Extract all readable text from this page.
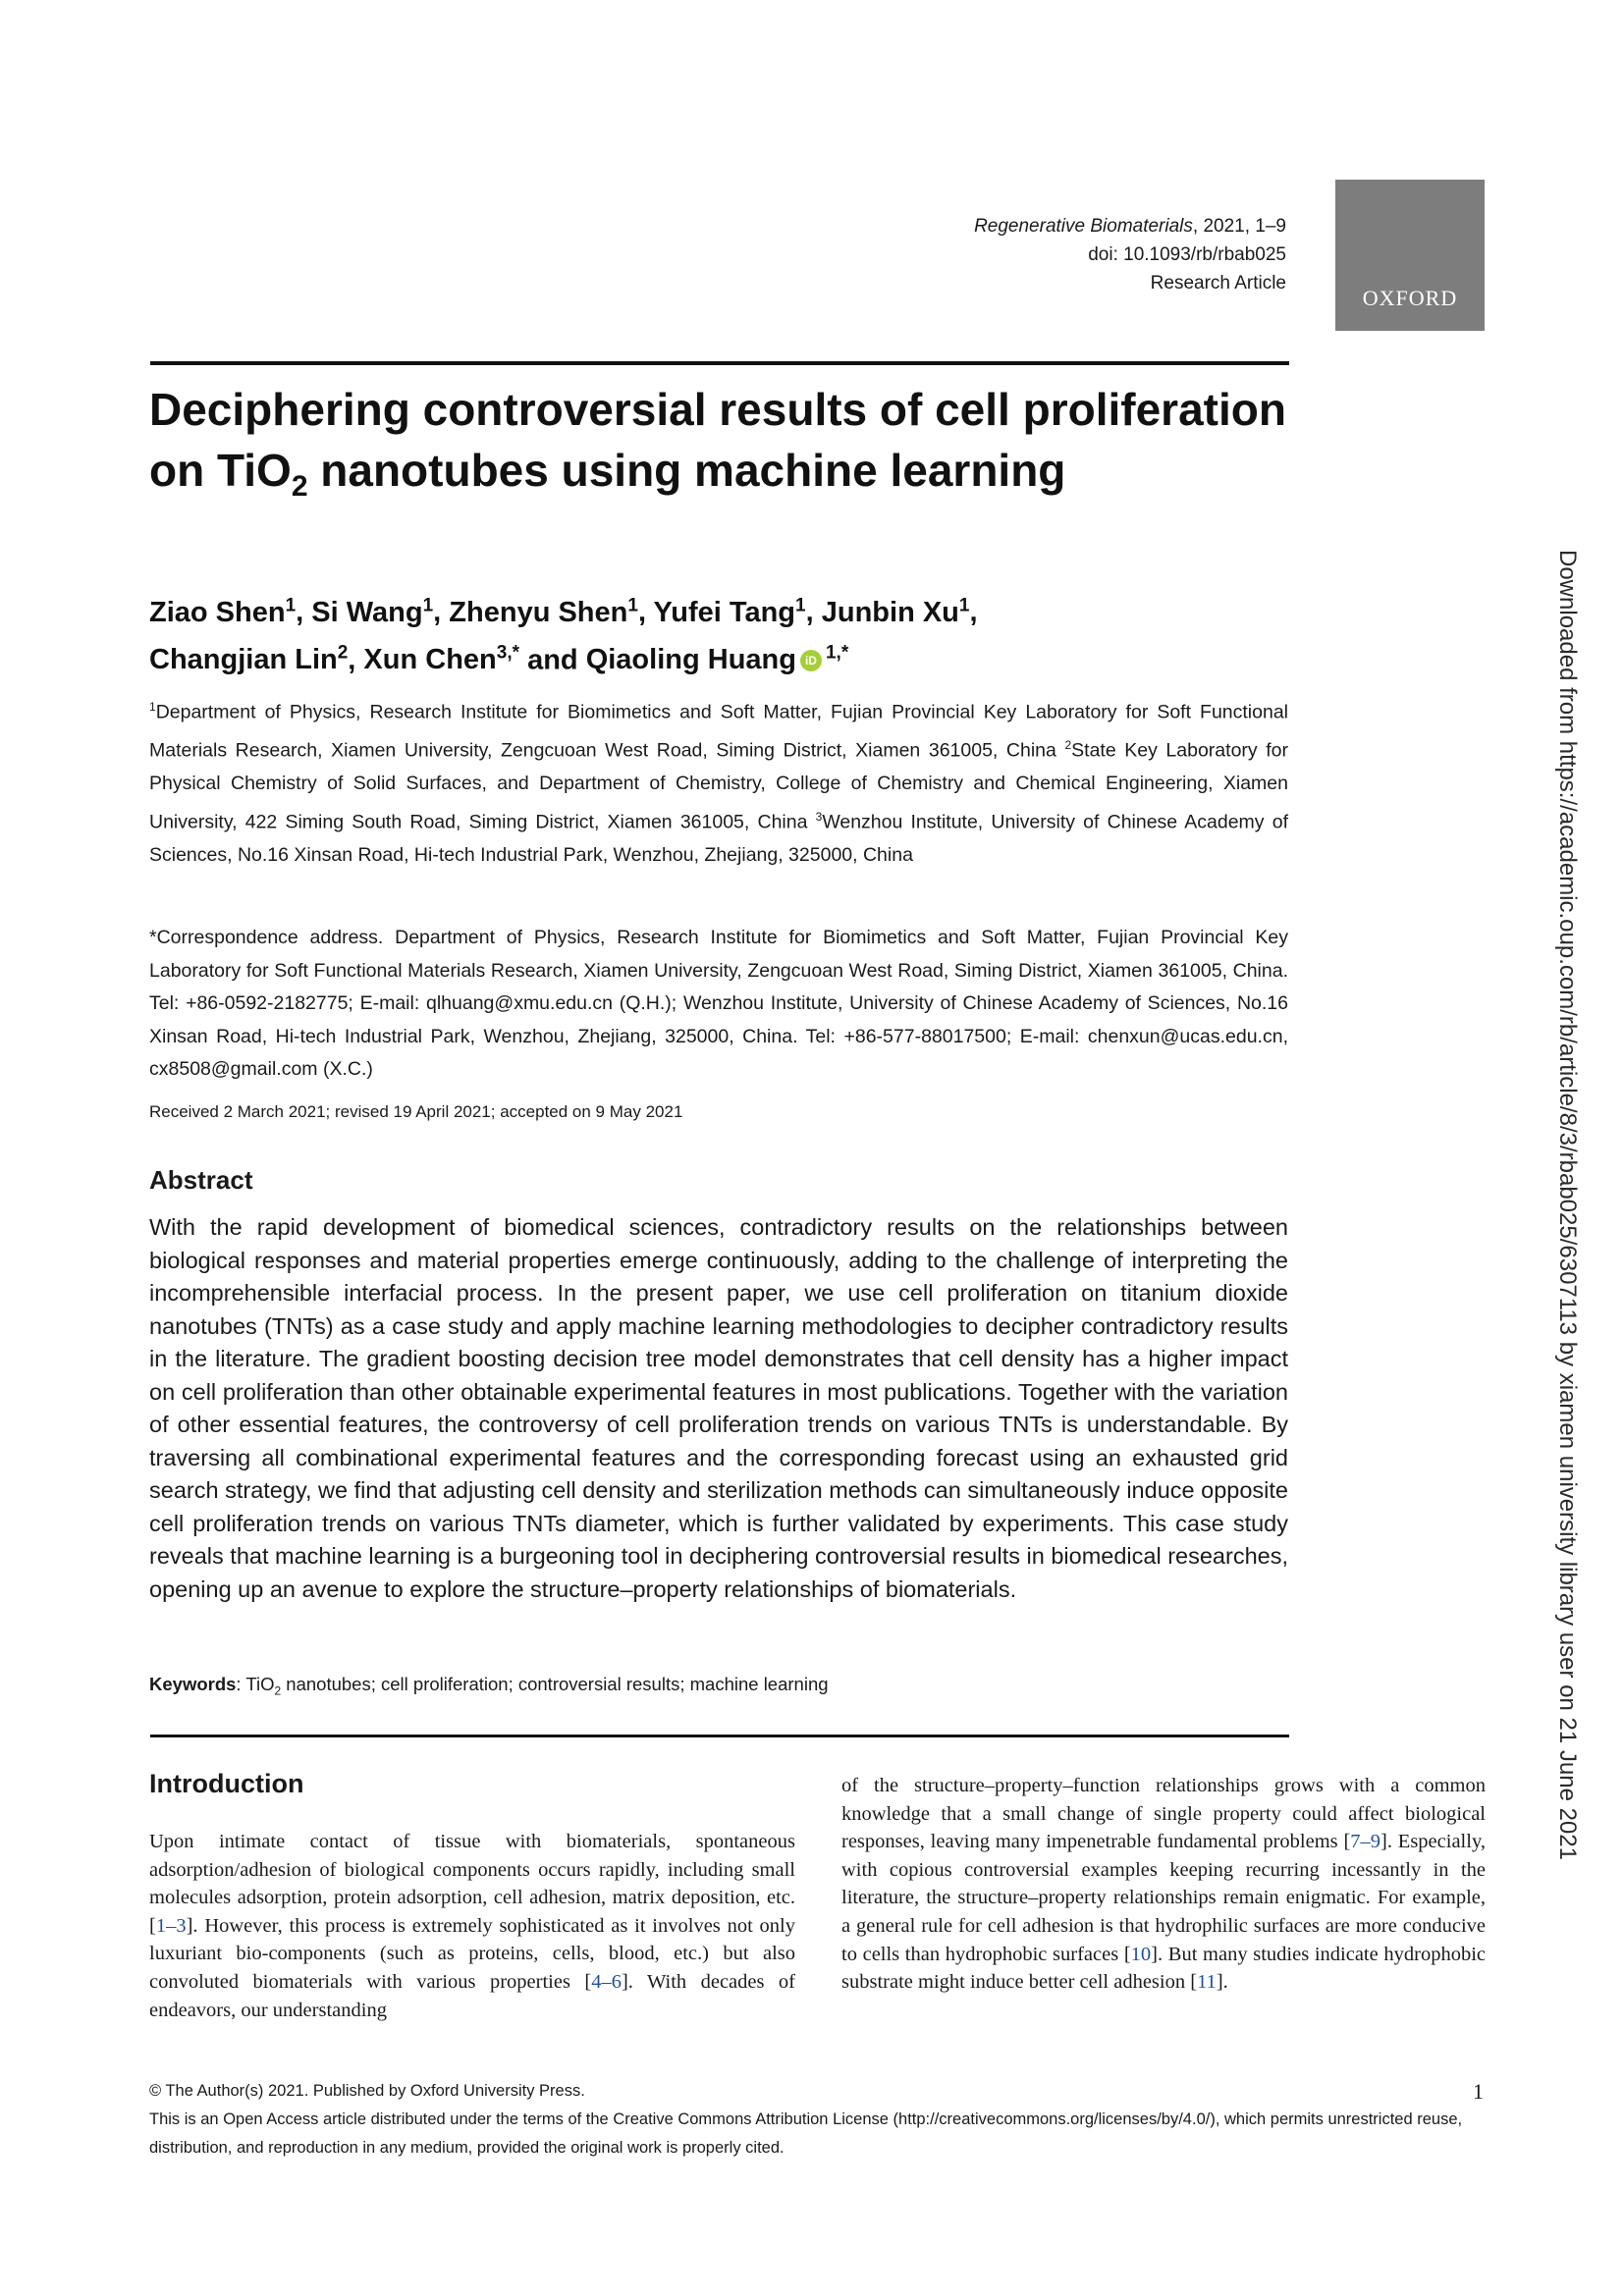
Regenerative Biomaterials, 2021, 1–9
doi: 10.1093/rb/rbab025
Research Article
OXFORD
Deciphering controversial results of cell proliferation on TiO$_2$ nanotubes using machine learning
Ziao Shen$^1$, Si Wang$^1$, Zhenyu Shen$^1$, Yufei Tang$^1$, Junbin Xu$^1$,
Changjian Lin$^2$, Xun Chen$^{3,*}$ and Qiaoling Huang iD $^{1,*}$
$^1$Department of Physics, Research Institute for Biomimetics and Soft Matter, Fujian Provincial Key Laboratory for Soft Functional Materials Research, Xiamen University, Zengcuoan West Road, Siming District, Xiamen 361005, China $^2$State Key Laboratory for Physical Chemistry of Solid Surfaces, and Department of Chemistry, College of Chemistry and Chemical Engineering, Xiamen University, 422 Siming South Road, Siming District, Xiamen 361005, China $^3$Wenzhou Institute, University of Chinese Academy of Sciences, No.16 Xinsan Road, Hi-tech Industrial Park, Wenzhou, Zhejiang, 325000, China
*Correspondence address. Department of Physics, Research Institute for Biomimetics and Soft Matter, Fujian Provincial Key Laboratory for Soft Functional Materials Research, Xiamen University, Zengcuoan West Road, Siming District, Xiamen 361005, China. Tel: +86-0592-2182775; E-mail: qlhuang@xmu.edu.cn (Q.H.); Wenzhou Institute, University of Chinese Academy of Sciences, No.16 Xinsan Road, Hi-tech Industrial Park, Wenzhou, Zhejiang, 325000, China. Tel: +86-577-88017500; E-mail: chenxun@ucas.edu.cn, cx8508@gmail.com (X.C.)
Received 2 March 2021; revised 19 April 2021; accepted on 9 May 2021
Abstract
With the rapid development of biomedical sciences, contradictory results on the relationships between biological responses and material properties emerge continuously, adding to the challenge of interpreting the incomprehensible interfacial process. In the present paper, we use cell proliferation on titanium dioxide nanotubes (TNTs) as a case study and apply machine learning methodologies to decipher contradictory results in the literature. The gradient boosting decision tree model demonstrates that cell density has a higher impact on cell proliferation than other obtainable experimental features in most publications. Together with the variation of other essential features, the controversy of cell proliferation trends on various TNTs is understandable. By traversing all combinational experimental features and the corresponding forecast using an exhausted grid search strategy, we find that adjusting cell density and sterilization methods can simultaneously induce opposite cell proliferation trends on various TNTs diameter, which is further validated by experiments. This case study reveals that machine learning is a burgeoning tool in deciphering controversial results in biomedical researches, opening up an avenue to explore the structure–property relationships of biomaterials.
Keywords: TiO$_2$ nanotubes; cell proliferation; controversial results; machine learning
Introduction
Upon intimate contact of tissue with biomaterials, spontaneous adsorption/adhesion of biological components occurs rapidly, including small molecules adsorption, protein adsorption, cell adhesion, matrix deposition, etc. [1–3]. However, this process is extremely sophisticated as it involves not only luxuriant bio-components (such as proteins, cells, blood, etc.) but also convoluted biomaterials with various properties [4–6]. With decades of endeavors, our understanding
of the structure–property–function relationships grows with a common knowledge that a small change of single property could affect biological responses, leaving many impenetrable fundamental problems [7–9]. Especially, with copious controversial examples keeping recurring incessantly in the literature, the structure–property relationships remain enigmatic. For example, a general rule for cell adhesion is that hydrophilic surfaces are more conducive to cells than hydrophobic surfaces [10]. But many studies indicate hydrophobic substrate might induce better cell adhesion [11].
© The Author(s) 2021. Published by Oxford University Press.	1
This is an Open Access article distributed under the terms of the Creative Commons Attribution License (http://creativecommons.org/licenses/by/4.0/), which permits unrestricted reuse, distribution, and reproduction in any medium, provided the original work is properly cited.
Downloaded from https://academic.oup.com/rb/article/8/3/rbab025/6307113 by xiamen university library user on 21 June 2021
